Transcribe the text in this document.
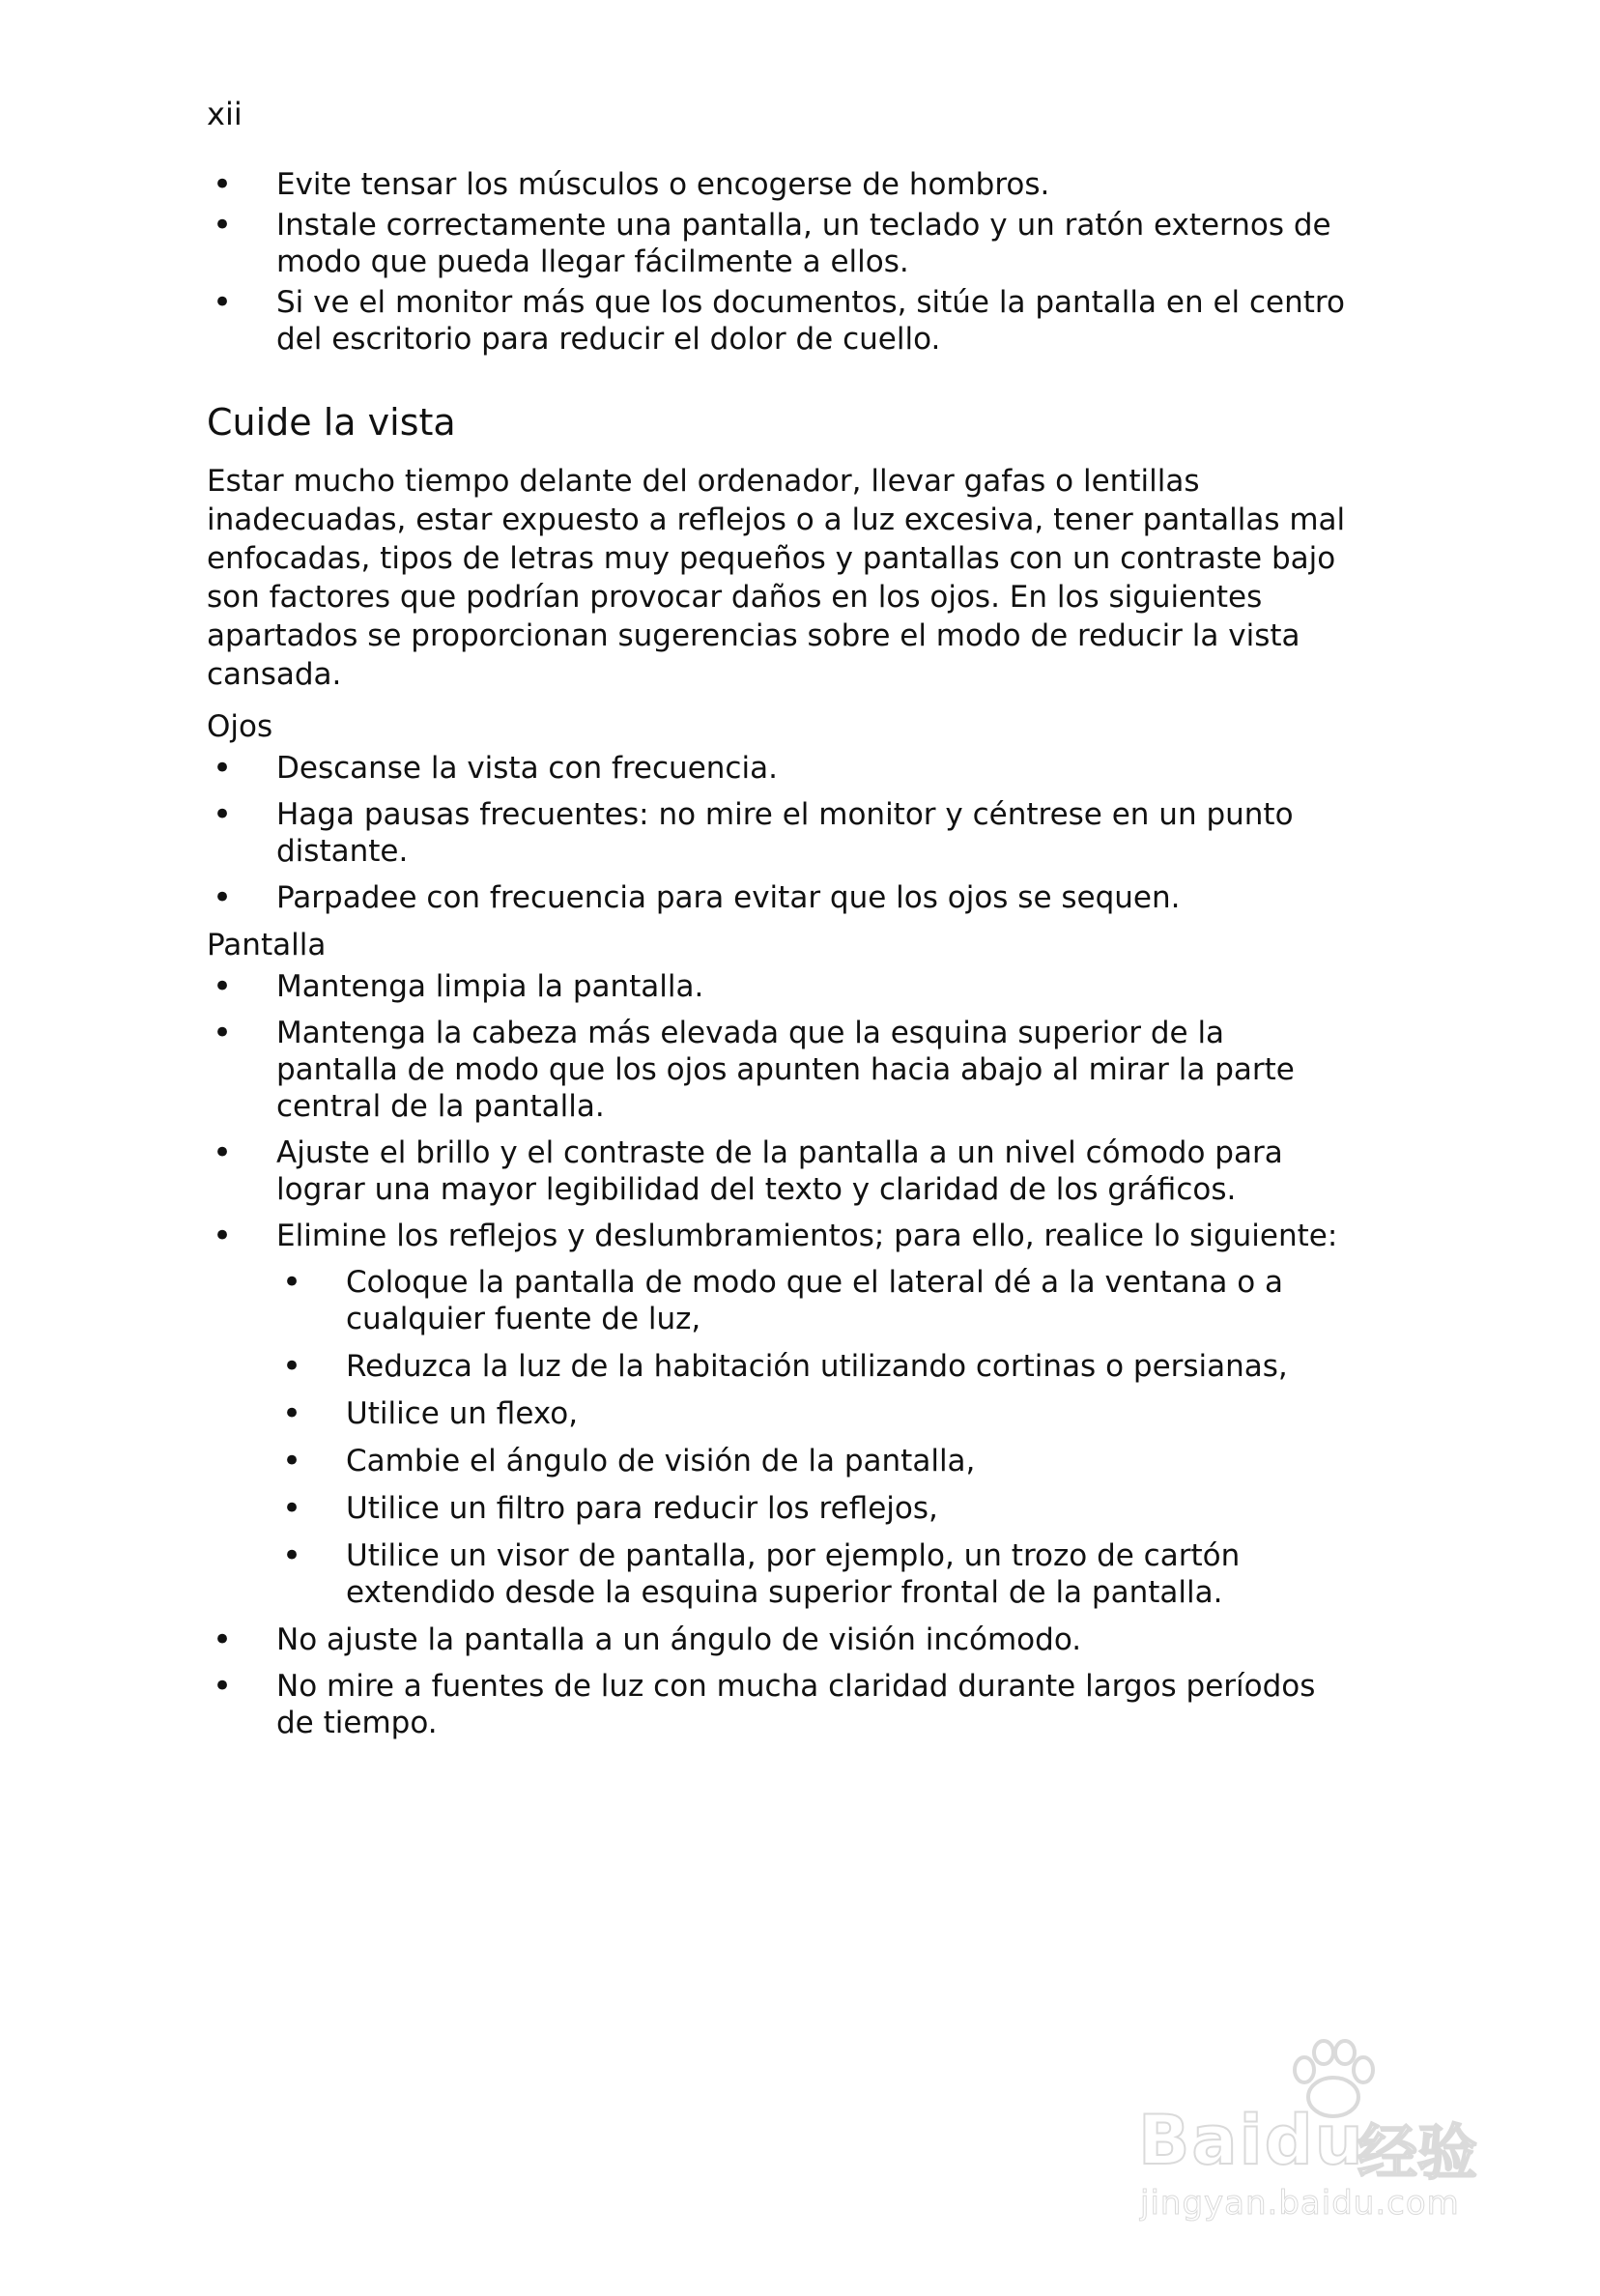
xii
• Evite tensar los músculos o encogerse de hombros.
• Instale correctamente una pantalla, un teclado y un ratón externos de modo que pueda llegar fácilmente a ellos.
• Si ve el monitor más que los documentos, sitúe la pantalla en el centro del escritorio para reducir el dolor de cuello.
Cuide la vista

Estar mucho tiempo delante del ordenador, llevar gafas o lentillas inadecuadas, estar expuesto a reflejos o a luz excesiva, tener pantallas mal enfocadas, tipos de letras muy pequeños y pantallas con un contraste bajo son factores que podrían provocar daños en los ojos. En los siguientes apartados se proporcionan sugerencias sobre el modo de reducir la vista cansada.

Ojos
• Descanse la vista con frecuencia.
• Haga pausas frecuentes: no mire el monitor y céntrese en un punto distante.
• Parpadee con frecuencia para evitar que los ojos se sequen.
Pantalla
• Mantenga limpia la pantalla.
• Mantenga la cabeza más elevada que la esquina superior de la pantalla de modo que los ojos apunten hacia abajo al mirar la parte central de la pantalla.
• Ajuste el brillo y el contraste de la pantalla a un nivel cómodo para lograr una mayor legibilidad del texto y claridad de los gráficos.
• Elimine los reflejos y deslumbramientos; para ello, realice lo siguiente:
• Coloque la pantalla de modo que el lateral dé a la ventana o a cualquier fuente de luz,
• Reduzca la luz de la habitación utilizando cortinas o persianas,
• Utilice un flexo,
• Cambie el ángulo de visión de la pantalla,
• Utilice un filtro para reducir los reflejos,
• Utilice un visor de pantalla, por ejemplo, un trozo de cartón extendido desde la esquina superior frontal de la pantalla.
• No ajuste la pantalla a un ángulo de visión incómodo.
• No mire a fuentes de luz con mucha claridad durante largos períodos de tiempo.
Baidu
经验
jingyan.baidu.com
